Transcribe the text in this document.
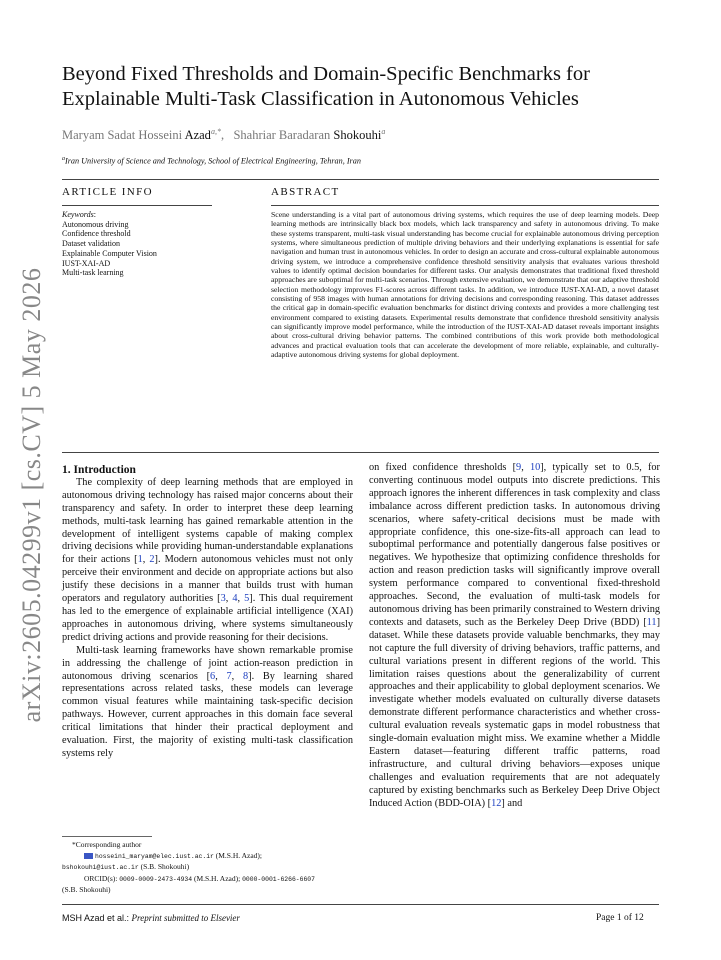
arXiv:2605.04299v1 [cs.CV] 5 May 2026
Beyond Fixed Thresholds and Domain-Specific Benchmarks for
Explainable Multi-Task Classification in Autonomous Vehicles
Maryam Sadat Hosseini Azad$^{a,*}$,   Shahriar Baradaran Shokouhi$^a$
$^a$Iran University of Science and Technology, School of Electrical Engineering, Tehran, Iran
ARTICLE INFO	ABSTRACT
Keywords:
Autonomous driving
Confidence threshold
Dataset validation
Explainable Computer Vision
IUST-XAI-AD
Multi-task learning
Scene understanding is a vital part of autonomous driving systems, which requires the use of deep learning models. Deep learning methods are intrinsically black box models, which lack transparency and safety in autonomous driving. To make these systems transparent, multi-task visual understanding has become crucial for explainable autonomous driving perception systems, where simultaneous prediction of multiple driving behaviors and their underlying explanations is essential for safe navigation and human trust in autonomous vehicles. In order to design an accurate and cross-cultural explainable autonomous driving system, we introduce a comprehensive confidence threshold sensitivity analysis that evaluates various threshold values to identify optimal decision boundaries for different tasks. Our analysis demonstrates that traditional fixed threshold approaches are suboptimal for multi-task scenarios. Through extensive evaluation, we demonstrate that our adaptive threshold selection methodology improves F1-scores across different tasks. In addition, we introduce IUST-XAI-AD, a novel dataset consisting of 958 images with human annotations for driving decisions and corresponding reasoning. This dataset addresses the critical gap in domain-specific evaluation benchmarks for distinct driving contexts and provides a more challenging test environment compared to existing datasets. Experimental results demonstrate that confidence threshold sensitivity analysis can significantly improve model performance, while the introduction of the IUST-XAI-AD dataset reveals important insights about cross-cultural driving behavior patterns. The combined contributions of this work provide both methodological advances and practical evaluation tools that can accelerate the development of more reliable, explainable, and culturally-adaptive autonomous driving systems for global deployment.

1. Introduction

The complexity of deep learning methods that are employed in autonomous driving technology has raised major concerns about their transparency and safety. In order to interpret these deep learning methods, multi-task learning has gained remarkable attention in the development of intelligent systems capable of making complex driving decisions while providing human-understandable explanations for their actions [1, 2]. Modern autonomous vehicles must not only perceive their environment and decide on appropriate actions but also justify these decisions in a manner that builds trust with human operators and regulatory authorities [3, 4, 5]. This dual requirement has led to the emergence of explainable artificial intelligence (XAI) approaches in autonomous driving, where systems simultaneously predict driving actions and provide reasoning for their decisions.

Multi-task learning frameworks have shown remarkable promise in addressing the challenge of joint action-reason prediction in autonomous driving scenarios [6, 7, 8]. By learning shared representations across related tasks, these models can leverage common visual features while maintaining task-specific decision pathways. However, current approaches in this domain face several critical limitations that hinder their practical deployment and evaluation. First, the majority of existing multi-task classification systems rely

on fixed confidence thresholds [9, 10], typically set to 0.5, for converting continuous model outputs into discrete predictions. This approach ignores the inherent differences in task complexity and class imbalance across different prediction tasks. In autonomous driving scenarios, where safety-critical decisions must be made with appropriate confidence, this one-size-fits-all approach can lead to suboptimal performance and potentially dangerous false positives or negatives. We hypothesize that optimizing confidence thresholds for action and reason prediction tasks will significantly improve overall system performance compared to conventional fixed-threshold approaches. Second, the evaluation of multi-task models for autonomous driving has been primarily constrained to Western driving contexts and datasets, such as the Berkeley Deep Drive (BDD) [11] dataset. While these datasets provide valuable benchmarks, they may not capture the full diversity of driving behaviors, traffic patterns, and cultural variations present in different regions of the world. This limitation raises questions about the generalizability of current approaches and their applicability to global deployment scenarios. We investigate whether models evaluated on culturally diverse datasets demonstrate different performance characteristics and whether cross-cultural evaluation reveals systematic gaps in model robustness that single-domain evaluation might miss. We examine whether a Middle Eastern dataset—featuring different traffic patterns, road infrastructure, and cultural driving behaviors—exposes unique challenges and evaluation requirements that are not adequately captured by existing benchmarks such as Berkeley Deep Drive Object Induced Action (BDD-OIA) [12] and

*Corresponding author
hosseini_maryam@elec.iust.ac.ir (M.S.H. Azad);
bshokouhi@iust.ac.ir (S.B. Shokouhi)
ORCID(s): 0009-0009-2473-4934 (M.S.H. Azad); 0000-0001-6266-6607
(S.B. Shokouhi)
MSH Azad et al.: Preprint submitted to Elsevier	Page 1 of 12
